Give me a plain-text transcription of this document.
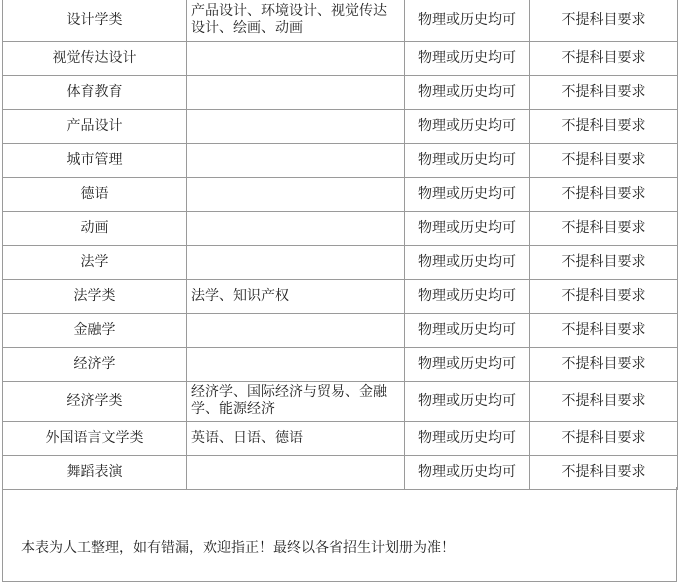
设计学类	产品设计、环境设计、视觉传达设计、绘画、动画	物理或历史均可	不提科目要求
视觉传达设计		物理或历史均可	不提科目要求
体育教育		物理或历史均可	不提科目要求
产品设计		物理或历史均可	不提科目要求
城市管理		物理或历史均可	不提科目要求
德语		物理或历史均可	不提科目要求
动画		物理或历史均可	不提科目要求
法学		物理或历史均可	不提科目要求
法学类	法学、知识产权	物理或历史均可	不提科目要求
金融学		物理或历史均可	不提科目要求
经济学		物理或历史均可	不提科目要求
经济学类	经济学、国际经济与贸易、金融学、能源经济	物理或历史均可	不提科目要求
外国语言文学类	英语、日语、德语	物理或历史均可	不提科目要求
舞蹈表演		物理或历史均可	不提科目要求
本表为人工整理，如有错漏，欢迎指正！最终以各省招生计划册为准！
